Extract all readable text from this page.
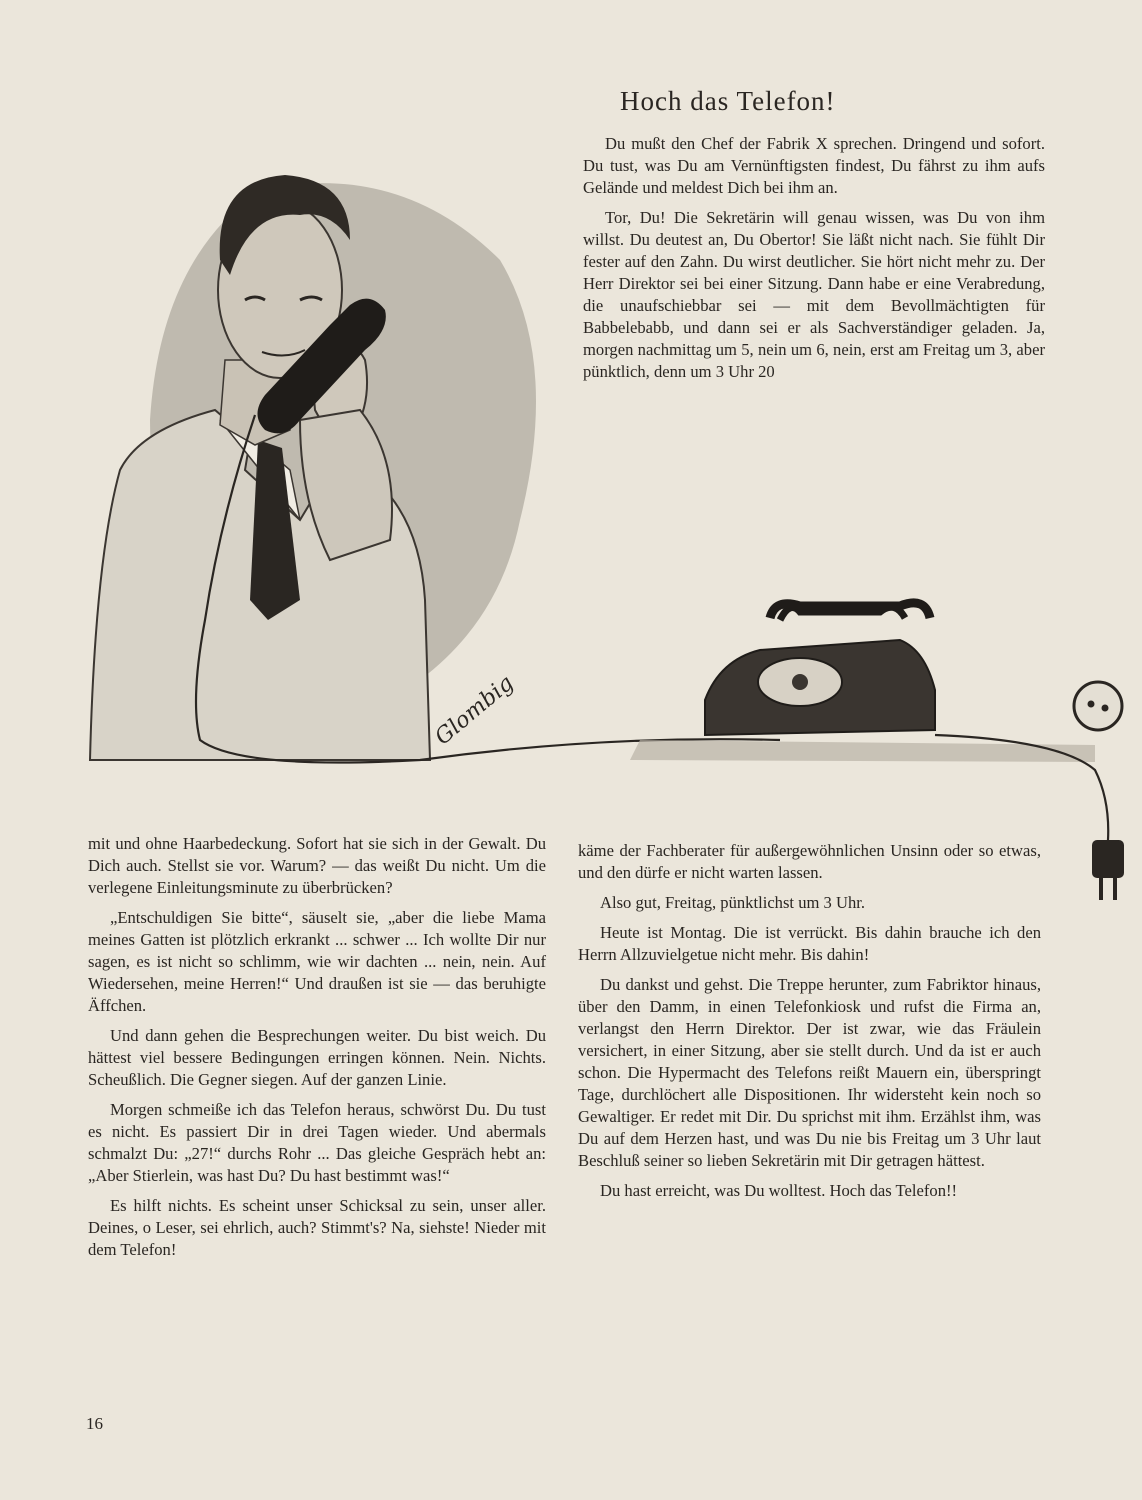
Glombig
Hoch das Telefon!

Du mußt den Chef der Fabrik X sprechen. Dringend und sofort. Du tust, was Du am Vernünftigsten findest, Du fährst zu ihm aufs Gelände und meldest Dich bei ihm an.

Tor, Du! Die Sekretärin will genau wissen, was Du von ihm willst. Du deutest an, Du Obertor! Sie läßt nicht nach. Sie fühlt Dir fester auf den Zahn. Du wirst deutlicher. Sie hört nicht mehr zu. Der Herr Direktor sei bei einer Sitzung. Dann habe er eine Verabredung, die unaufschiebbar sei — mit dem Bevollmächtigten für Babbelebabb, und dann sei er als Sachverständiger geladen. Ja, morgen nachmittag um 5, nein um 6, nein, erst am Freitag um 3, aber pünktlich, denn um 3 Uhr 20

mit und ohne Haarbedeckung. Sofort hat sie sich in der Gewalt. Du Dich auch. Stellst sie vor. Warum? — das weißt Du nicht. Um die verlegene Einleitungsminute zu überbrücken?

„Entschuldigen Sie bitte“, säuselt sie, „aber die liebe Mama meines Gatten ist plötzlich erkrankt ... schwer ... Ich wollte Dir nur sagen, es ist nicht so schlimm, wie wir dachten ... nein, nein. Auf Wiedersehen, meine Herren!“ Und draußen ist sie — das beruhigte Äffchen.

Und dann gehen die Besprechungen weiter. Du bist weich. Du hättest viel bessere Bedingungen erringen können. Nein. Nichts. Scheußlich. Die Gegner siegen. Auf der ganzen Linie.

Morgen schmeiße ich das Telefon heraus, schwörst Du. Du tust es nicht. Es passiert Dir in drei Tagen wieder. Und abermals schmalzt Du: „27!“ durchs Rohr ... Das gleiche Gespräch hebt an: „Aber Stierlein, was hast Du? Du hast bestimmt was!“

Es hilft nichts. Es scheint unser Schicksal zu sein, unser aller. Deines, o Leser, sei ehrlich, auch? Stimmt's? Na, siehste! Nieder mit dem Telefon!

käme der Fachberater für außergewöhnlichen Unsinn oder so etwas, und den dürfe er nicht warten lassen.

Also gut, Freitag, pünktlichst um 3 Uhr.

Heute ist Montag. Die ist verrückt. Bis dahin brauche ich den Herrn Allzuvielgetue nicht mehr. Bis dahin!

Du dankst und gehst. Die Treppe herunter, zum Fabriktor hinaus, über den Damm, in einen Telefonkiosk und rufst die Firma an, verlangst den Herrn Direktor. Der ist zwar, wie das Fräulein versichert, in einer Sitzung, aber sie stellt durch. Und da ist er auch schon. Die Hypermacht des Telefons reißt Mauern ein, überspringt Tage, durchlöchert alle Dispositionen. Ihr widersteht kein noch so Gewaltiger. Er redet mit Dir. Du sprichst mit ihm. Erzählst ihm, was Du auf dem Herzen hast, und was Du nie bis Freitag um 3 Uhr laut Beschluß seiner so lieben Sekretärin mit Dir getragen hättest.

Du hast erreicht, was Du wolltest. Hoch das Telefon!!

16
